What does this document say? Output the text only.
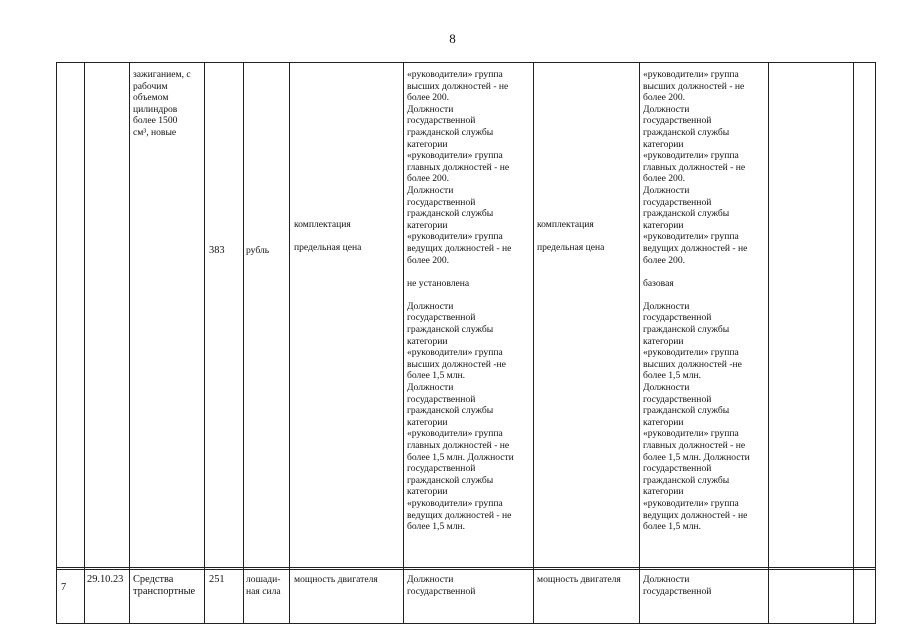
8
зажиганием, с
рабочим
объемом
цилиндров
более 1500
см³, новые
383 рубль
комплектация

предельная цена
«руководители» группа
высших должностей - не
более 200.
Должности
государственной
гражданской службы
категории
«руководители» группа
главных должностей - не
более 200.
Должности
государственной
гражданской службы
категории
«руководители» группа
ведущих должностей - не
более 200.

не установлена

Должности
государственной
гражданской службы
категории
«руководители» группа
высших должностей -не
более 1,5 млн.
Должности
государственной
гражданской службы
категории
«руководители» группа
главных должностей - не
более 1,5 млн. Должности
государственной
гражданской службы
категории
«руководители» группа
ведущих должностей - не
более 1,5 млн.
комплектация

предельная цена
«руководители» группа
высших должностей - не
более 200.
Должности
государственной
гражданской службы
категории
«руководители» группа
главных должностей - не
более 200.
Должности
государственной
гражданской службы
категории
«руководители» группа
ведущих должностей - не
более 200.

базовая

Должности
государственной
гражданской службы
категории
«руководители» группа
высших должностей -не
более 1,5 млн.
Должности
государственной
гражданской службы
категории
«руководители» группа
главных должностей - не
более 1,5 млн. Должности
государственной
гражданской службы
категории
«руководители» группа
ведущих должностей - не
более 1,5 млн.
7
29.10.23 Средства
транспортные
251 лошади-
ная сила
мощность двигателя	Должности
государственной
мощность двигателя	Должности
государственной
